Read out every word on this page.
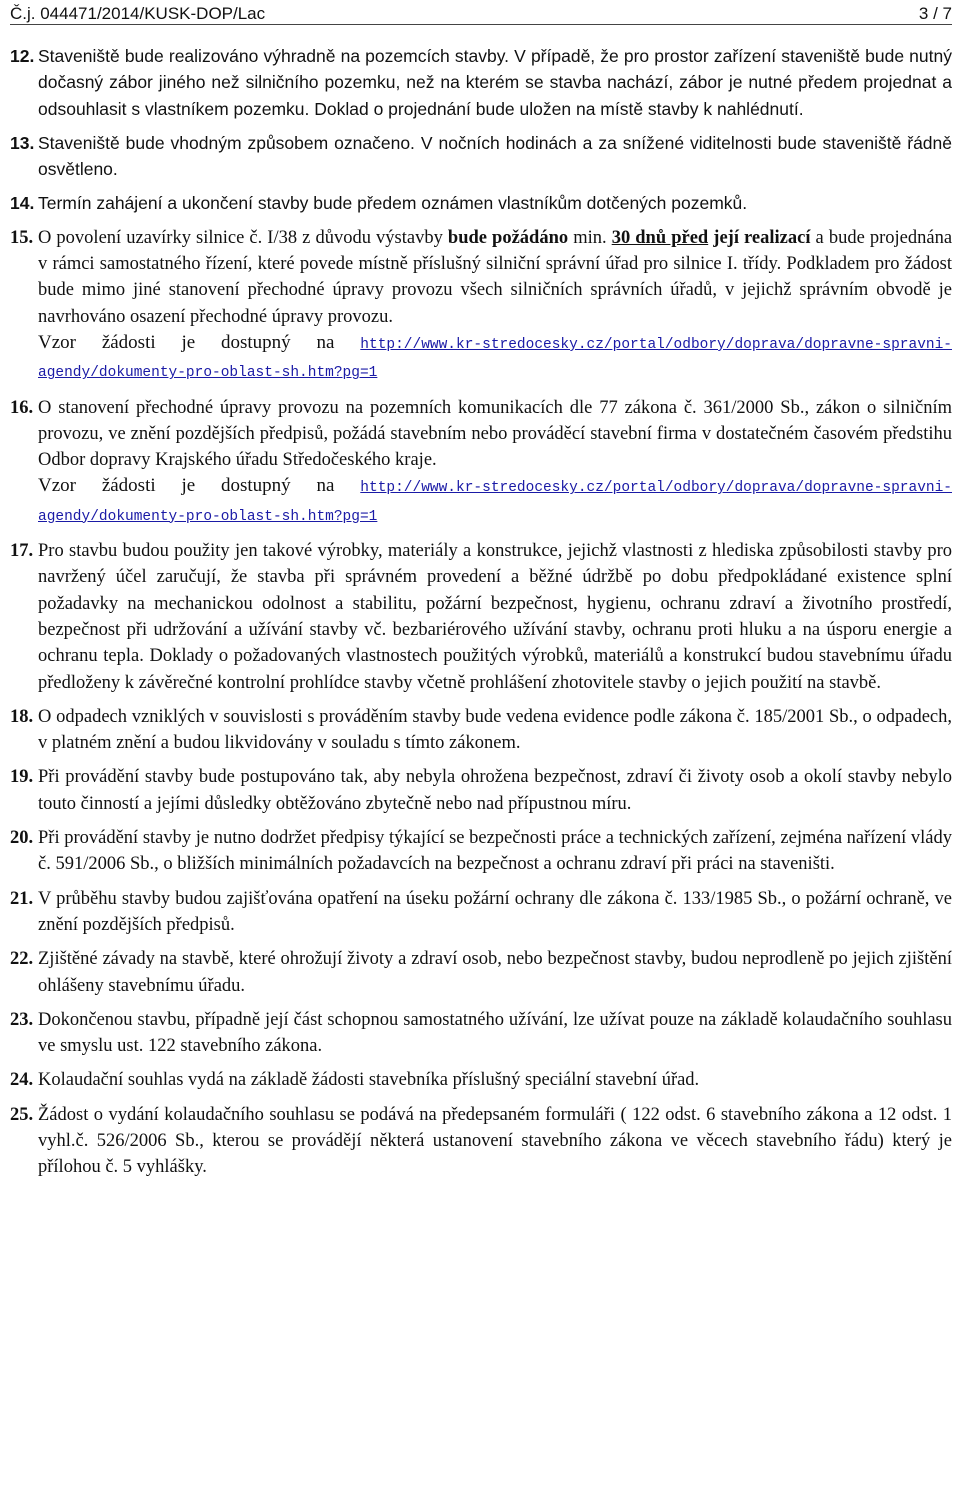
Č.j. 044471/2014/KUSK-DOP/Lac	3 / 7
12. Staveniště bude realizováno výhradně na pozemcích stavby. V případě, že pro prostor zařízení staveniště bude nutný dočasný zábor jiného než silničního pozemku, než na kterém se stavba nachází, zábor je nutné předem projednat a odsouhlasit s vlastníkem pozemku. Doklad o projednání bude uložen na místě stavby k nahlédnutí.

13. Staveniště bude vhodným způsobem označeno. V nočních hodinách a za snížené viditelnosti bude staveniště řádně osvětleno.

14. Termín zahájení a ukončení stavby bude předem oznámen vlastníkům dotčených pozemků.

15. O povolení uzavírky silnice č. I/38 z důvodu výstavby bude požádáno min. 30 dnů před její realizací a bude projednána v rámci samostatného řízení, které povede místně příslušný silniční správní úřad pro silnice I. třídy. Podkladem pro žádost bude mimo jiné stanovení přechodné úpravy provozu všech silničních správních úřadů, v jejichž správním obvodě je navrhováno osazení přechodné úpravy provozu.

Vzor žádosti je dostupný na http://www.kr-stredocesky.cz/portal/odbory/doprava/dopravne-spravni-agendy/dokumenty-pro-oblast-sh.htm?pg=1

16. O stanovení přechodné úpravy provozu na pozemních komunikacích dle 77 zákona č. 361/2000 Sb., zákon o silničním provozu, ve znění pozdějších předpisů, požádá stavebním nebo prováděcí stavební firma v dostatečném časovém předstihu Odbor dopravy Krajského úřadu Středočeského kraje.

Vzor žádosti je dostupný na http://www.kr-stredocesky.cz/portal/odbory/doprava/dopravne-spravni-agendy/dokumenty-pro-oblast-sh.htm?pg=1

17. Pro stavbu budou použity jen takové výrobky, materiály a konstrukce, jejichž vlastnosti z hlediska způsobilosti stavby pro navržený účel zaručují, že stavba při správném provedení a běžné údržbě po dobu předpokládané existence splní požadavky na mechanickou odolnost a stabilitu, požární bezpečnost, hygienu, ochranu zdraví a životního prostředí, bezpečnost při udržování a užívání stavby vč. bezbariérového užívání stavby, ochranu proti hluku a na úsporu energie a ochranu tepla. Doklady o požadovaných vlastnostech použitých výrobků, materiálů a konstrukcí budou stavebnímu úřadu předloženy k závěrečné kontrolní prohlídce stavby včetně prohlášení zhotovitele stavby o jejich použití na stavbě.

18. O odpadech vzniklých v souvislosti s prováděním stavby bude vedena evidence podle zákona č. 185/2001 Sb., o odpadech, v platném znění a budou likvidovány v souladu s tímto zákonem.

19. Při provádění stavby bude postupováno tak, aby nebyla ohrožena bezpečnost, zdraví či životy osob a okolí stavby nebylo touto činností a jejími důsledky obtěžováno zbytečně nebo nad přípustnou míru.

20. Při provádění stavby je nutno dodržet předpisy týkající se bezpečnosti práce a technických zařízení, zejména nařízení vlády č. 591/2006 Sb., o bližších minimálních požadavcích na bezpečnost a ochranu zdraví při práci na staveništi.

21. V průběhu stavby budou zajišťována opatření na úseku požární ochrany dle zákona č. 133/1985 Sb., o požární ochraně, ve znění pozdějších předpisů.

22. Zjištěné závady na stavbě, které ohrožují životy a zdraví osob, nebo bezpečnost stavby, budou neprodleně po jejich zjištění ohlášeny stavebnímu úřadu.

23. Dokončenou stavbu, případně její část schopnou samostatného užívání, lze užívat pouze na základě kolaudačního souhlasu ve smyslu ust. 122 stavebního zákona.

24. Kolaudační souhlas vydá na základě žádosti stavebníka příslušný speciální stavební úřad.

25. Žádost o vydání kolaudačního souhlasu se podává na předepsaném formuláři ( 122 odst. 6 stavebního zákona a 12 odst. 1 vyhl.č. 526/2006 Sb., kterou se provádějí některá ustanovení stavebního zákona ve věcech stavebního řádu) který je přílohou č. 5 vyhlášky.
